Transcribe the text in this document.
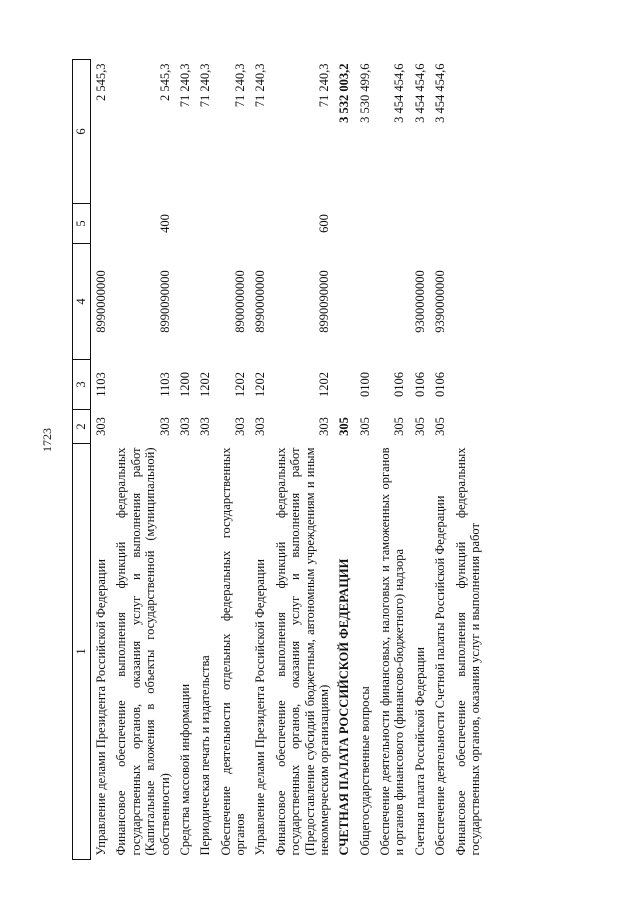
1723
1	2	3	4	5	6
Управление делами Президента Российской Федерации	303	1103	8990000000		2 545,3
Финансовое обеспечение выполнения функций федеральных государственных органов, оказания услуг и выполнения работ (Капитальные вложения в объекты государственной (муниципальной) собственности)	303	1103	8990090000	400	2 545,3
Средства массовой информации	303	1200			71 240,3
Периодическая печать и издательства	303	1202			71 240,3
Обеспечение деятельности отдельных федеральных государственных органов	303	1202	8900000000		71 240,3
Управление делами Президента Российской Федерации	303	1202	8990000000		71 240,3
Финансовое обеспечение выполнения функций федеральных государственных органов, оказания услуг и выполнения работ (Предоставление субсидий бюджетным, автономным учреждениям и иным некоммерческим организациям)	303	1202	8990090000	600	71 240,3
СЧЕТНАЯ ПАЛАТА РОССИЙСКОЙ ФЕДЕРАЦИИ	305				3 532 003,2
Общегосударственные вопросы	305	0100			3 530 499,6
Обеспечение деятельности финансовых, налоговых и таможенных органов и органов финансового (финансово-бюджетного) надзора	305	0106			3 454 454,6
Счетная палата Российской Федерации	305	0106	9300000000		3 454 454,6
Обеспечение деятельности Счетной палаты Российской Федерации	305	0106	9390000000		3 454 454,6
Финансовое обеспечение выполнения функций федеральных государственных органов, оказания услуг и выполнения работ					
